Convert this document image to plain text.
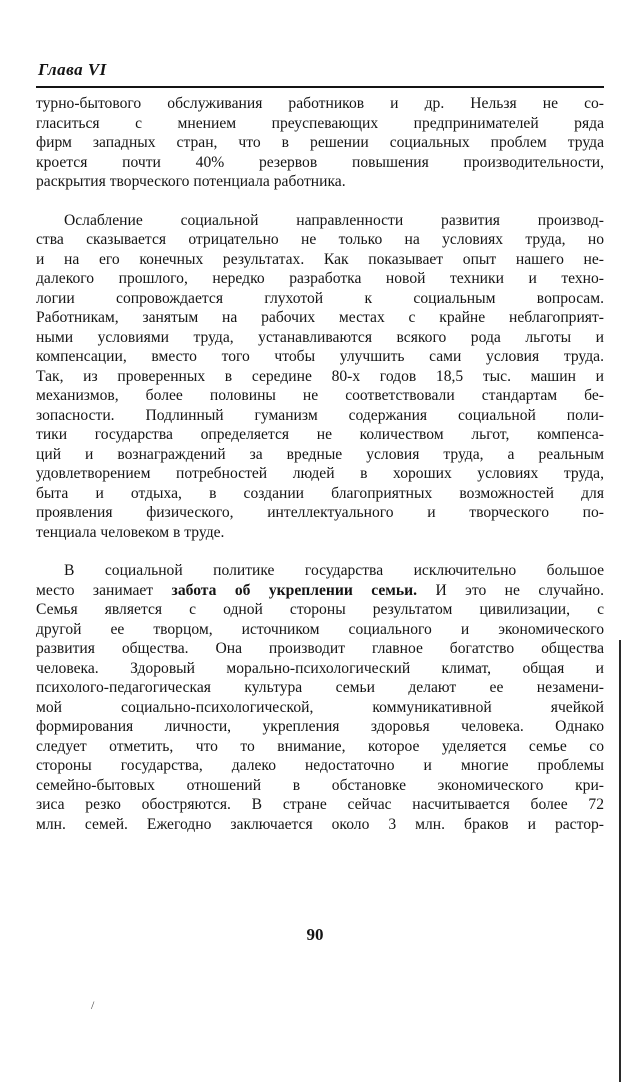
Глава VI
турно-бытового обслуживания работников и др. Нельзя не со-
гласиться с мнением преуспевающих предпринимателей ряда
фирм западных стран, что в решении социальных проблем труда
кроется почти 40% резервов повышения производительности,
раскрытия творческого потенциала работника.
Ослабление социальной направленности развития производ-
ства сказывается отрицательно не только на условиях труда, но
и на его конечных результатах. Как показывает опыт нашего не-
далекого прошлого, нередко разработка новой техники и техно-
логии сопровождается глухотой к социальным вопросам.
Работникам, занятым на рабочих местах с крайне неблагоприят-
ными условиями труда, устанавливаются всякого рода льготы и
компенсации, вместо того чтобы улучшить сами условия труда.
Так, из проверенных в середине 80-х годов 18,5 тыс. машин и
механизмов, более половины не соответствовали стандартам бе-
зопасности. Подлинный гуманизм содержания социальной поли-
тики государства определяется не количеством льгот, компенса-
ций и вознаграждений за вредные условия труда, а реальным
удовлетворением потребностей людей в хороших условиях труда,
быта и отдыха, в создании благоприятных возможностей для
проявления физического, интеллектуального и творческого по-
тенциала человеком в труде.
В социальной политике государства исключительно большое
место занимает забота об укреплении семьи. И это не случайно.
Семья является с одной стороны результатом цивилизации, с
другой ее творцом, источником социального и экономического
развития общества. Она производит главное богатство общества
человека. Здоровый морально-психологический климат, общая и
психолого-педагогическая культура семьи делают ее незамени-
мой социально-психологической, коммуникативной ячейкой
формирования личности, укрепления здоровья человека. Однако
следует отметить, что то внимание, которое уделяется семье со
стороны государства, далеко недостаточно и многие проблемы
семейно-бытовых отношений в обстановке экономического кри-
зиса резко обостряются. В стране сейчас насчитывается более 72
млн. семей. Ежегодно заключается около 3 млн. браков и растор-
90
/
